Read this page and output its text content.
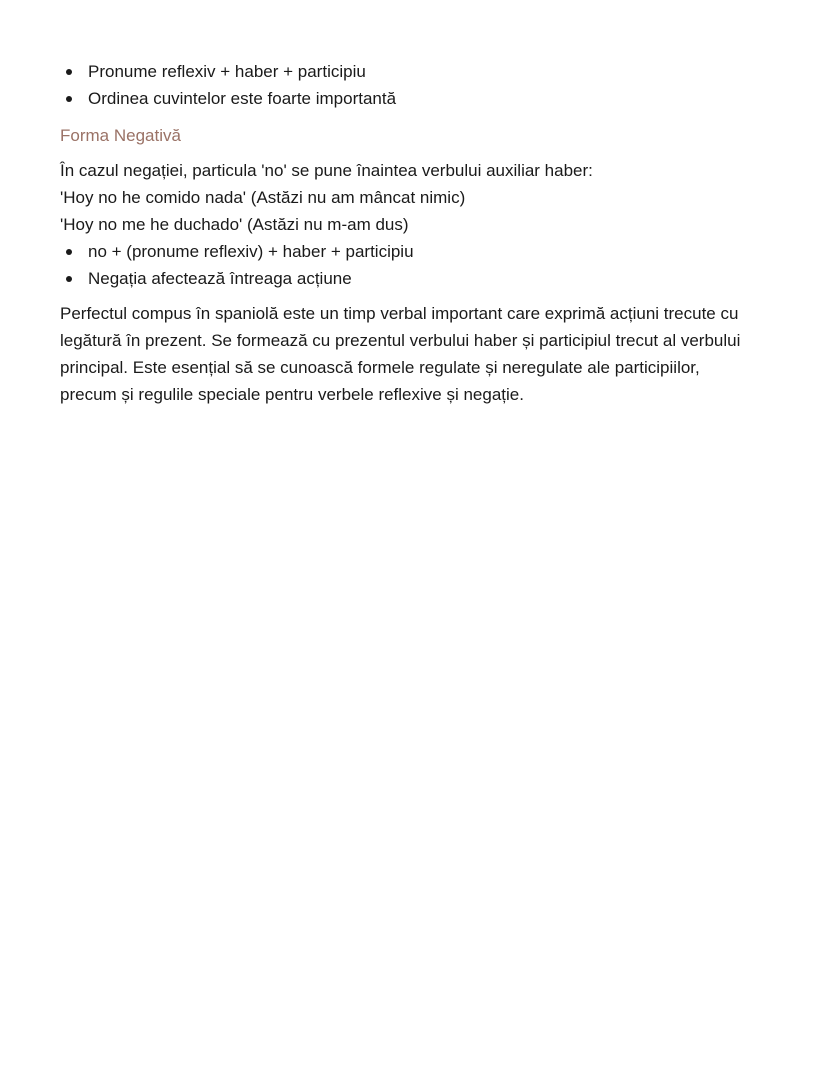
Pronume reflexiv + haber + participiu
Ordinea cuvintelor este foarte importantă
Forma Negativă
În cazul negației, particula 'no' se pune înaintea verbului auxiliar haber:
'Hoy no he comido nada' (Astăzi nu am mâncat nimic)
'Hoy no me he duchado' (Astăzi nu m-am dus)
no + (pronume reflexiv) + haber + participiu
Negația afectează întreaga acțiune

Perfectul compus în spaniolă este un timp verbal important care exprimă acțiuni trecute cu legătură în prezent. Se formează cu prezentul verbului haber și participiul trecut al verbului principal. Este esențial să se cunoască formele regulate și neregulate ale participiilor, precum și regulile speciale pentru verbele reflexive și negație.
